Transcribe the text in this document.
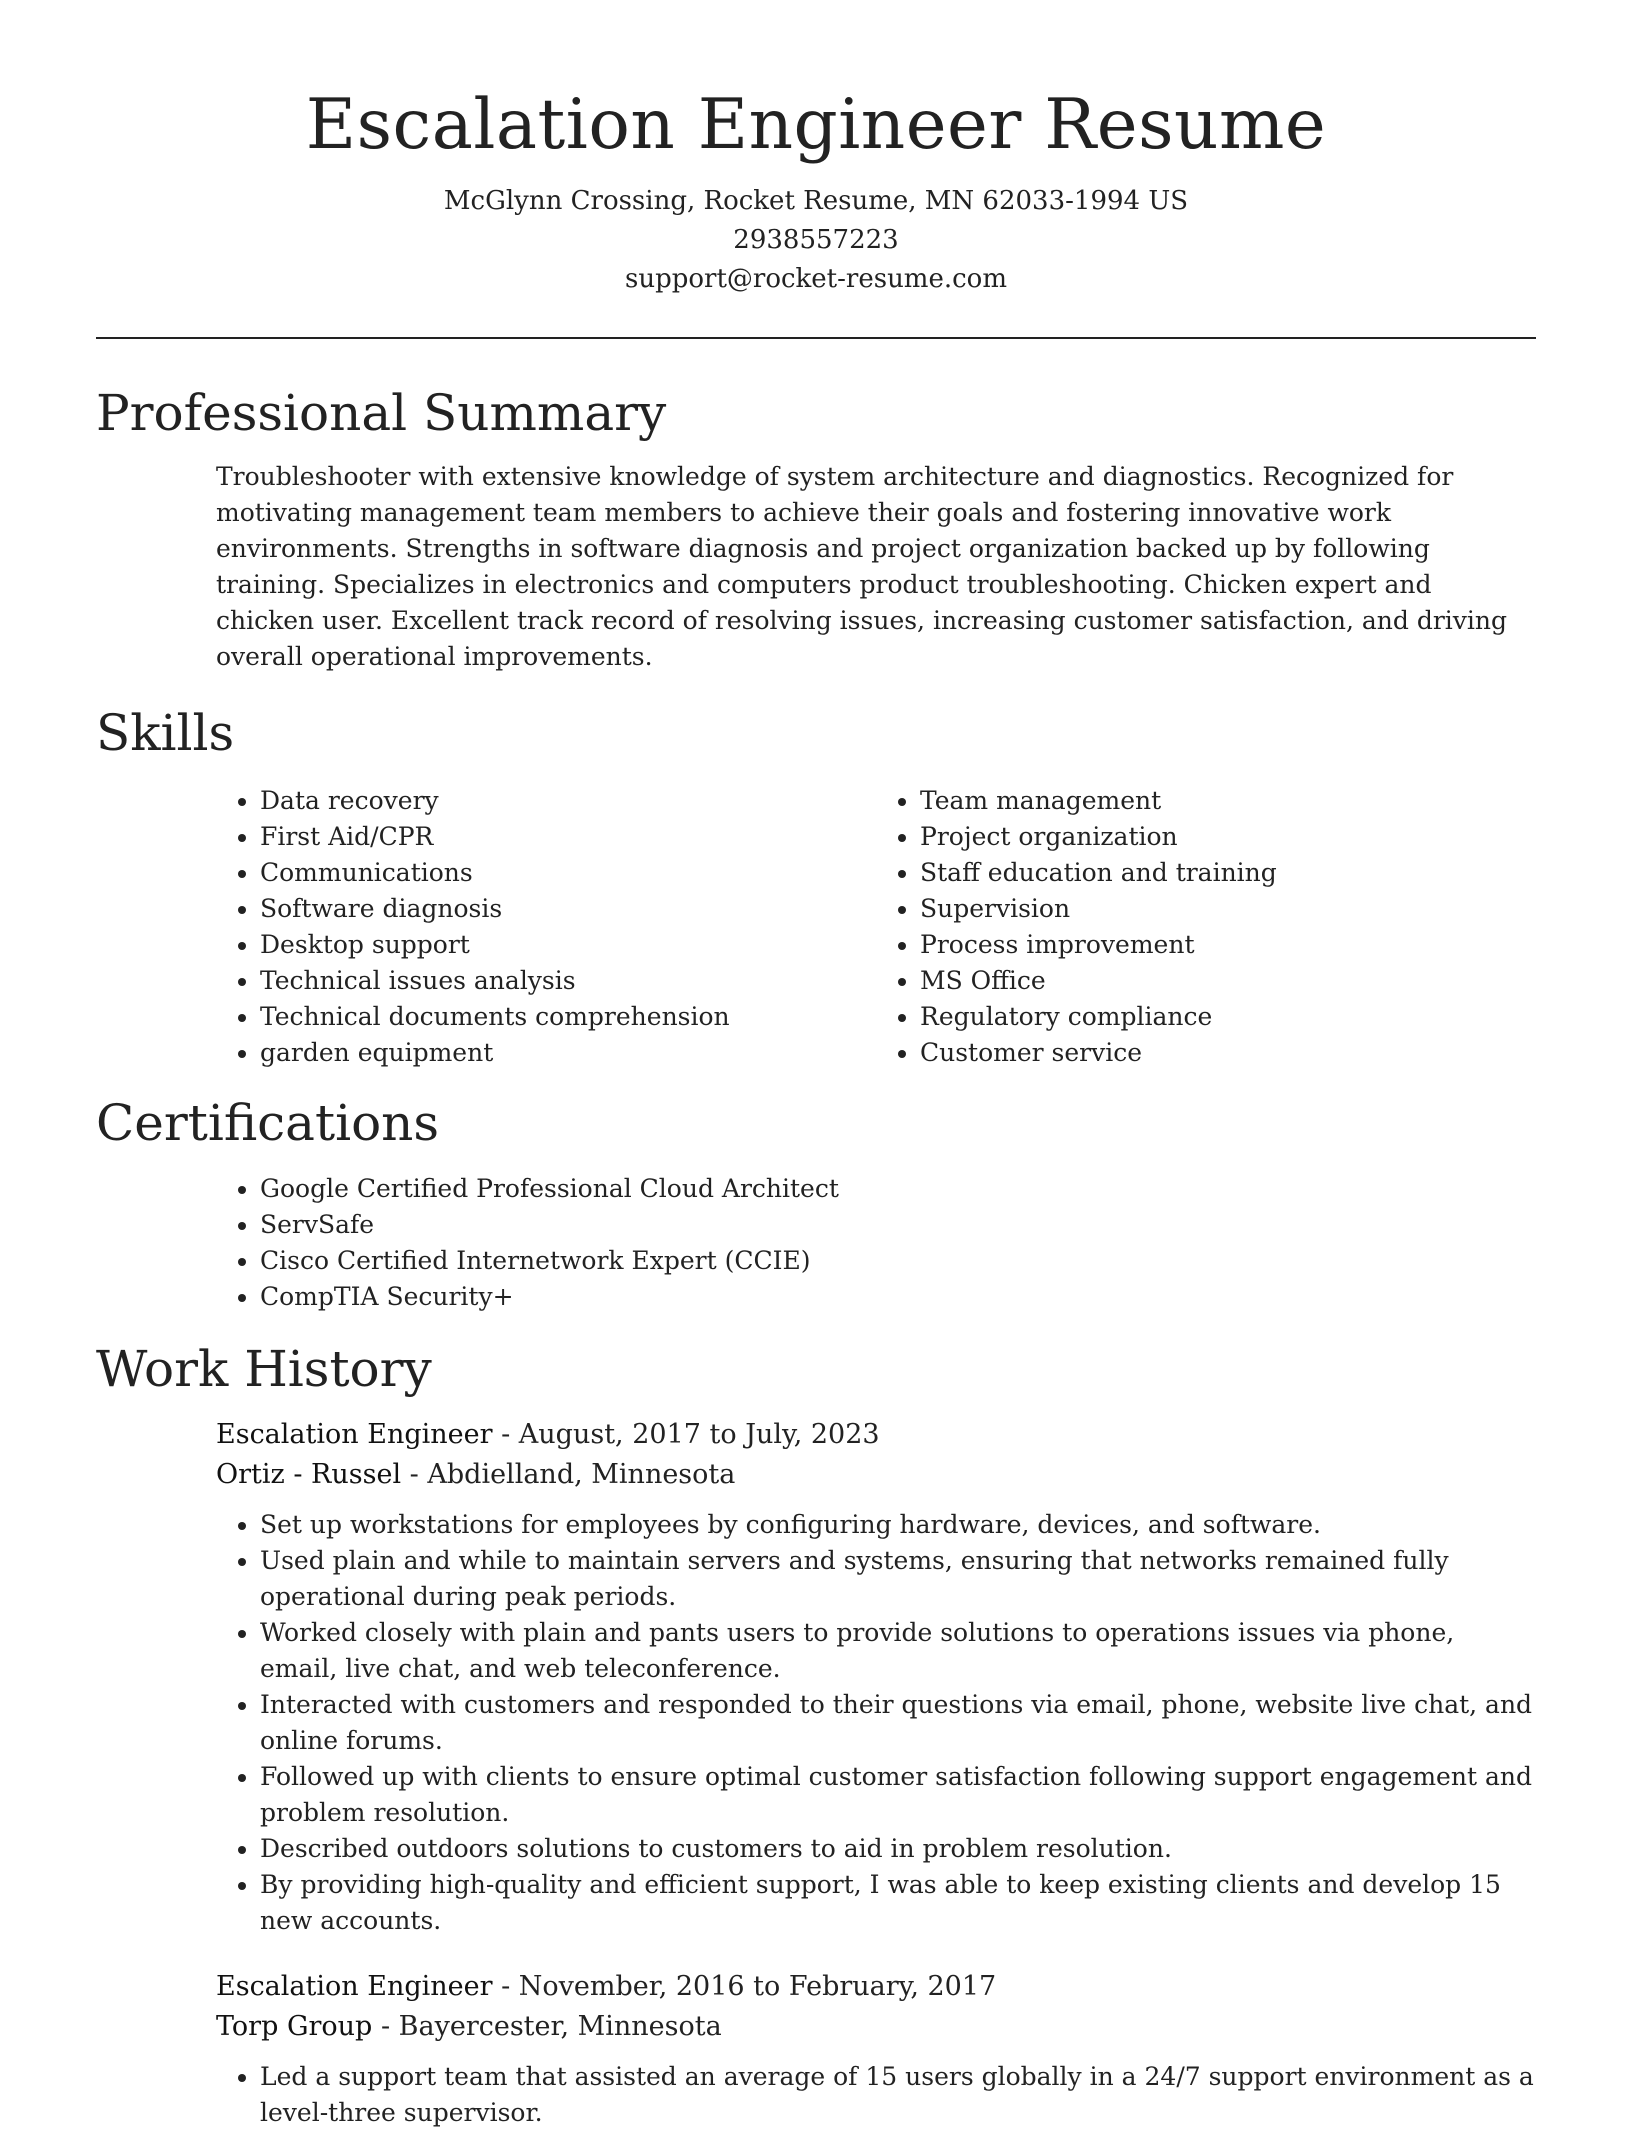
Escalation Engineer Resume
McGlynn Crossing, Rocket Resume, MN 62033-1994 US
2938557223
support@rocket-resume.com
Professional Summary

Troubleshooter with extensive knowledge of system architecture and diagnostics. Recognized for motivating management team members to achieve their goals and fostering innovative work environments. Strengths in software diagnosis and project organization backed up by following training. Specializes in electronics and computers product troubleshooting. Chicken expert and chicken user. Excellent track record of resolving issues, increasing customer satisfaction, and driving overall operational improvements.

Skills
• Data recovery
• First Aid/CPR
• Communications
• Software diagnosis
• Desktop support
• Technical issues analysis
• Technical documents comprehension
• garden equipment
• Team management
• Project organization
• Staff education and training
• Supervision
• Process improvement
• MS Office
• Regulatory compliance
• Customer service
Certifications
• Google Certified Professional Cloud Architect
• ServSafe
• Cisco Certified Internetwork Expert (CCIE)
• CompTIA Security+
Work History
Escalation Engineer - August, 2017 to July, 2023
Ortiz - Russel - Abdielland, Minnesota
• Set up workstations for employees by configuring hardware, devices, and software.
• Used plain and while to maintain servers and systems, ensuring that networks remained fully operational during peak periods.
• Worked closely with plain and pants users to provide solutions to operations issues via phone, email, live chat, and web teleconference.
• Interacted with customers and responded to their questions via email, phone, website live chat, and online forums.
• Followed up with clients to ensure optimal customer satisfaction following support engagement and problem resolution.
• Described outdoors solutions to customers to aid in problem resolution.
• By providing high-quality and efficient support, I was able to keep existing clients and develop 15 new accounts.
Escalation Engineer - November, 2016 to February, 2017
Torp Group - Bayercester, Minnesota
• Led a support team that assisted an average of 15 users globally in a 24/7 support environment as a level-three supervisor.
